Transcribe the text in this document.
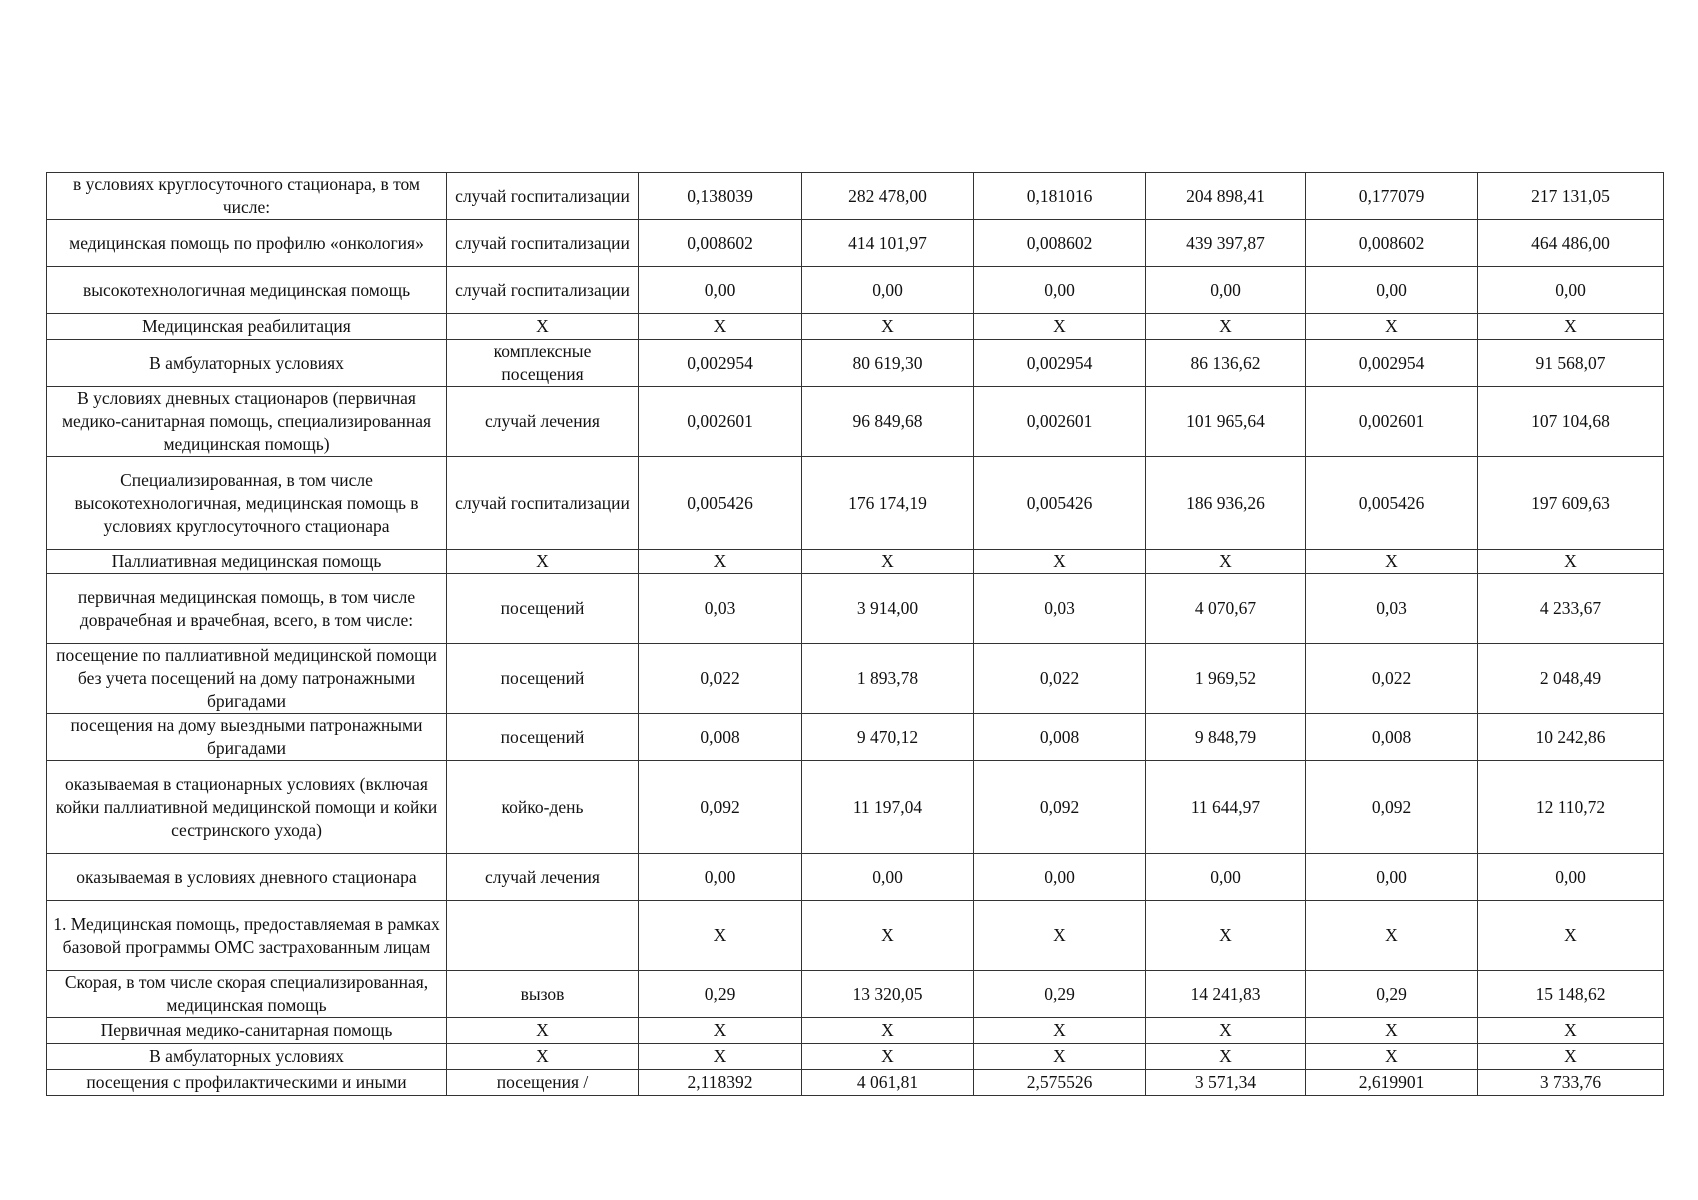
в условиях круглосуточного стационара, в том числе:	случай госпитализации	0,138039	282 478,00	0,181016	204 898,41	0,177079	217 131,05
медицинская помощь по профилю «онкология»	случай госпитализации	0,008602	414 101,97	0,008602	439 397,87	0,008602	464 486,00
высокотехнологичная медицинская помощь	случай госпитализации	0,00	0,00	0,00	0,00	0,00	0,00
Медицинская реабилитация	Х	Х	Х	Х	Х	Х	Х
В амбулаторных условиях	комплексные посещения	0,002954	80 619,30	0,002954	86 136,62	0,002954	91 568,07
В условиях дневных стационаров (первичная медико-санитарная помощь, специализированная медицинская помощь)	случай лечения	0,002601	96 849,68	0,002601	101 965,64	0,002601	107 104,68
Специализированная, в том числе высокотехнологичная, медицинская помощь в условиях круглосуточного стационара	случай госпитализации	0,005426	176 174,19	0,005426	186 936,26	0,005426	197 609,63
Паллиативная медицинская помощь	Х	Х	Х	Х	Х	Х	Х
первичная медицинская помощь, в том числе доврачебная и врачебная, всего, в том числе:	посещений	0,03	3 914,00	0,03	4 070,67	0,03	4 233,67
посещение по паллиативной медицинской помощи без учета посещений на дому патронажными бригадами	посещений	0,022	1 893,78	0,022	1 969,52	0,022	2 048,49
посещения на дому выездными патронажными бригадами	посещений	0,008	9 470,12	0,008	9 848,79	0,008	10 242,86
оказываемая в стационарных условиях (включая койки паллиативной медицинской помощи и койки сестринского ухода)	койко-день	0,092	11 197,04	0,092	11 644,97	0,092	12 110,72
оказываемая в условиях дневного стационара	случай лечения	0,00	0,00	0,00	0,00	0,00	0,00
1. Медицинская помощь, предоставляемая в рамках базовой программы ОМС застрахованным лицам		Х	Х	Х	Х	Х	Х
Скорая, в том числе скорая специализированная, медицинская помощь	вызов	0,29	13 320,05	0,29	14 241,83	0,29	15 148,62
Первичная медико-санитарная помощь	Х	Х	Х	Х	Х	Х	Х
В амбулаторных условиях	Х	Х	Х	Х	Х	Х	Х
посещения с профилактическими и иными	посещения /	2,118392	4 061,81	2,575526	3 571,34	2,619901	3 733,76
